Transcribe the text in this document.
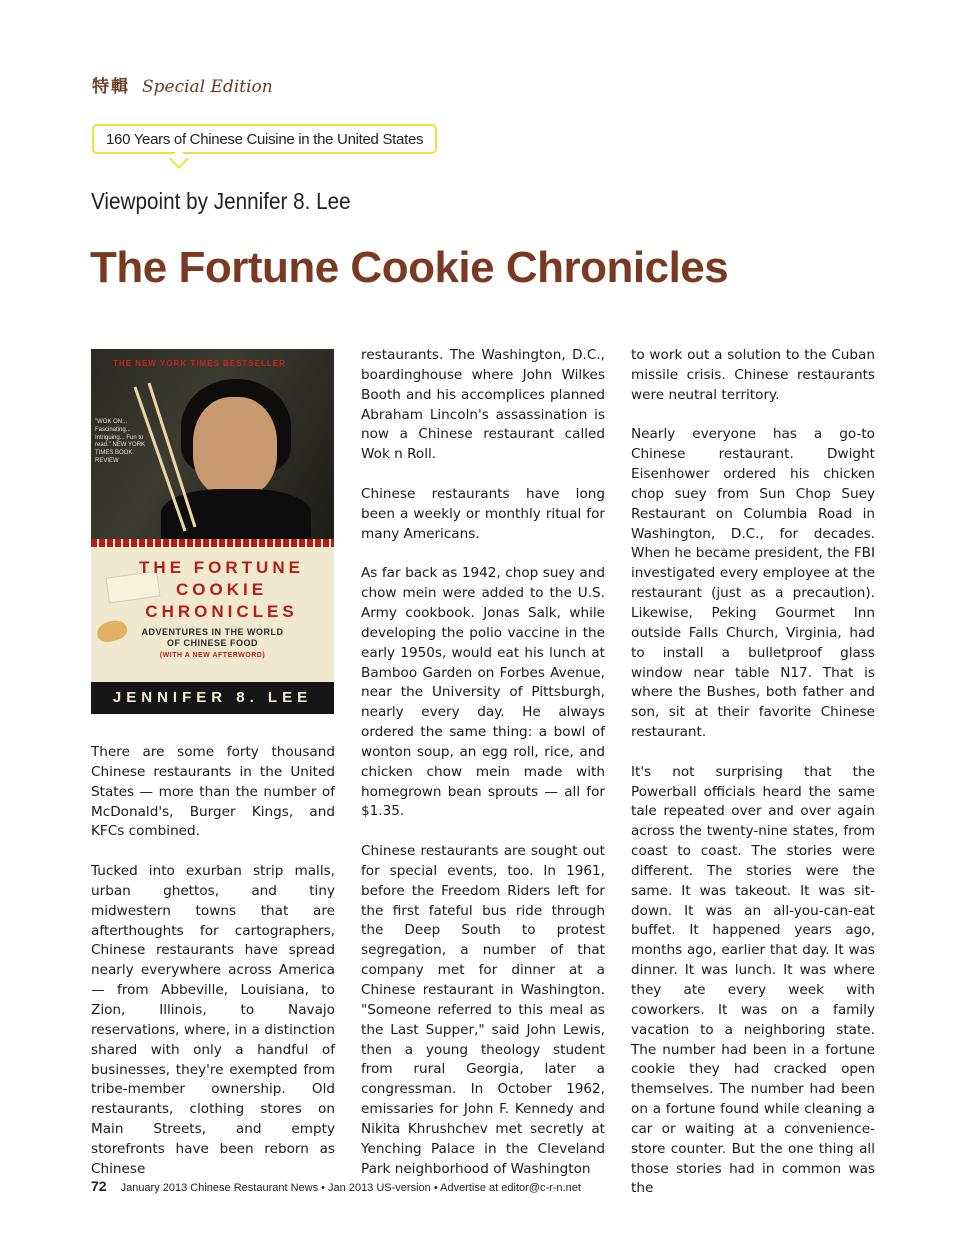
特輯 Special Edition
160 Years of Chinese Cuisine in the United States
Viewpoint by Jennifer 8. Lee
The Fortune Cookie Chronicles
THE NEW YORK TIMES BESTSELLER
"WOK ON... Fascinating... Intriguing... Fun to read." NEW YORK TIMES BOOK REVIEW
THE FORTUNE COOKIE CHRONICLES
ADVENTURES IN THE WORLD
OF CHINESE FOOD
(WITH A NEW AFTERWORD)
JENNIFER 8. LEE

There are some forty thousand Chinese restaurants in the United States — more than the number of McDonald's, Burger Kings, and KFCs combined.

Tucked into exurban strip malls, urban ghettos, and tiny midwestern towns that are afterthoughts for cartographers, Chinese restaurants have spread nearly everywhere across America — from Abbeville, Louisiana, to Zion, Illinois, to Navajo reservations, where, in a distinction shared with only a handful of businesses, they're exempted from tribe-member ownership. Old restaurants, clothing stores on Main Streets, and empty storefronts have been reborn as Chinese

restaurants. The Washington, D.C., boardinghouse where John Wilkes Booth and his accomplices planned Abraham Lincoln's assassination is now a Chinese restaurant called Wok n Roll.

Chinese restaurants have long been a weekly or monthly ritual for many Americans.

As far back as 1942, chop suey and chow mein were added to the U.S. Army cookbook. Jonas Salk, while developing the polio vaccine in the early 1950s, would eat his lunch at Bamboo Garden on Forbes Avenue, near the University of Pittsburgh, nearly every day. He always ordered the same thing: a bowl of wonton soup, an egg roll, rice, and chicken chow mein made with homegrown bean sprouts — all for $1.35.

Chinese restaurants are sought out for special events, too. In 1961, before the Freedom Riders left for the first fateful bus ride through the Deep South to protest segregation, a number of that company met for dinner at a Chinese restaurant in Washington. "Someone referred to this meal as the Last Supper," said John Lewis, then a young theology student from rural Georgia, later a congressman. In October 1962, emissaries for John F. Kennedy and Nikita Khrushchev met secretly at Yenching Palace in the Cleveland Park neighborhood of Washington

to work out a solution to the Cuban missile crisis. Chinese restaurants were neutral territory.

Nearly everyone has a go-to Chinese restaurant. Dwight Eisenhower ordered his chicken chop suey from Sun Chop Suey Restaurant on Columbia Road in Washington, D.C., for decades. When he became president, the FBI investigated every employee at the restaurant (just as a precaution). Likewise, Peking Gourmet Inn outside Falls Church, Virginia, had to install a bulletproof glass window near table N17. That is where the Bushes, both father and son, sit at their favorite Chinese restaurant.

It's not surprising that the Powerball officials heard the same tale repeated over and over again across the twenty-nine states, from coast to coast. The stories were different. The stories were the same. It was takeout. It was sit-down. It was an all-you-can-eat buffet. It happened years ago, months ago, earlier that day. It was dinner. It was lunch. It was where they ate every week with coworkers. It was on a family vacation to a neighboring state. The number had been in a fortune cookie they had cracked open themselves. The number had been on a fortune found while cleaning a car or waiting at a convenience-store counter. But the one thing all those stories had in common was the

72 January 2013 Chinese Restaurant News • Jan 2013 US-version • Advertise at editor@c-r-n.net
